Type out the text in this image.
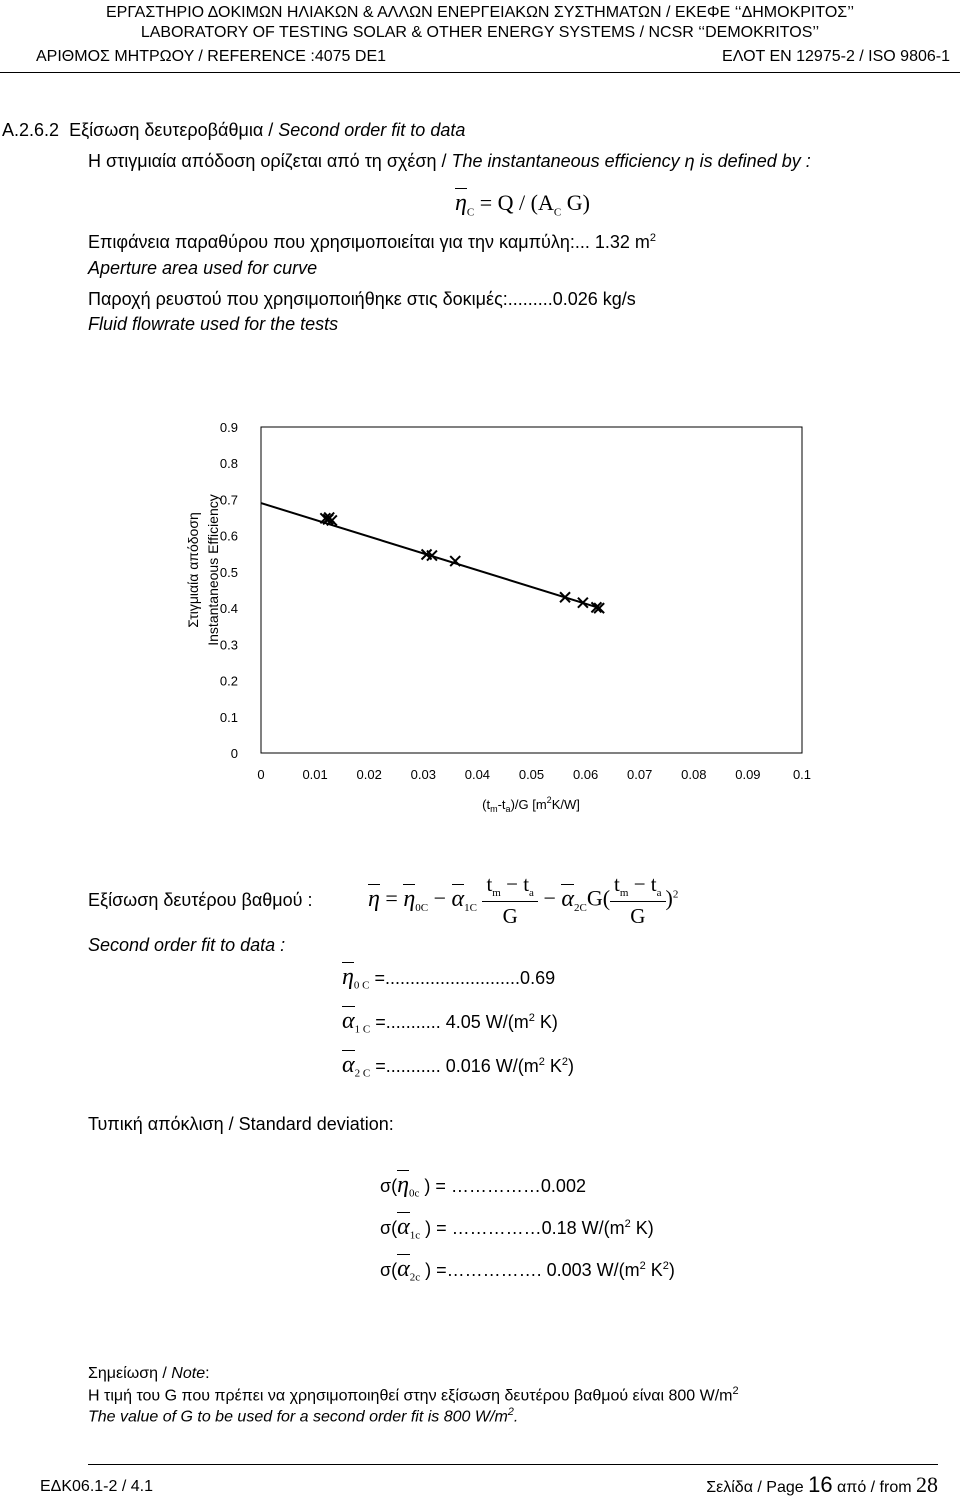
ΕΡΓΑΣΤΗΡΙΟ ΔΟΚΙΜΩΝ ΗΛΙΑΚΩΝ & ΑΛΛΩΝ ΕΝΕΡΓΕΙΑΚΩΝ ΣΥΣΤΗΜΑΤΩΝ / ΕΚΕΦΕ ‘‘ΔΗΜΟΚΡΙΤΟΣ’’
LABORATORY OF TESTING SOLAR & OTHER ENERGY SYSTEMS / NCSR ‘‘DEMOKRITOS’’
ΑΡΙΘΜΟΣ ΜΗΤΡΩΟΥ / REFERENCE :4075 DE1	ΕΛΟΤ EN 12975-2 / ISO 9806-1
A.2.6.2 Εξίσωση δευτεροβάθμια / Second order fit to data
Η στιγμιαία απόδοση ορίζεται από τη σχέση / The instantaneous efficiency η is defined by :
$\eta_C = Q / (A_C$ G)
Επιφάνεια παραθύρου που χρησιμοποιείται για την καμπύλη:... 1.32 $m^2$
Aperture area used for curve
Παροχή ρευστού που χρησιμοποιήθηκε στις δοκιμές:.........0.026 kg/s
Fluid flowrate used for the tests
0	0.01 0.02 0.03 0.04 0.05 0.06 0.07 0.08 0.09 0.1
0
0.1
0.2
0.3
0.4
0.5
0.6
0.7
0.8
0.9
Στιγμιαία απόδοση Instantaneous Efficiency
$(t_m-t_a)/G$ $[m^2K/W]$
Εξίσωση δευτέρου βαθμού : $\eta = \eta_{0C} - \alpha_{1C} \frac{t_m - t_a}{G} - \alpha_{2C}G( \frac{t_m - t_a}{G} )^2$
Second order fit to data :
$\eta_{0 C} =...........................0.69$
$\alpha_{1 C}$ =........... 4.05 $W/(m^2$ K)
$\alpha_{2 C}$ =........... 0.016 $W/(m^2$ $K^2$)
Τυπική απόκλιση / Standard deviation:
$\sigma(\eta_{0c}$ ) = ……………0.002
$\sigma(\alpha_{1c}$ ) = ……………0.18 $W/(m^2$ K)
$\sigma(\alpha_{2c}$ ) =……………. 0.003 $W/(m^2$ $K^2$)
Σημείωση / Note:
Η τιμή του G που πρέπει να χρησιμοποιηθεί στην εξίσωση δευτέρου βαθμού είναι 800 $W/m^2$
The value of G to be used for a second order fit is 800 $W/m^2$.
ΕΔΚ06.1-2 / 4.1	Σελίδα / Page 16 από / from 28
